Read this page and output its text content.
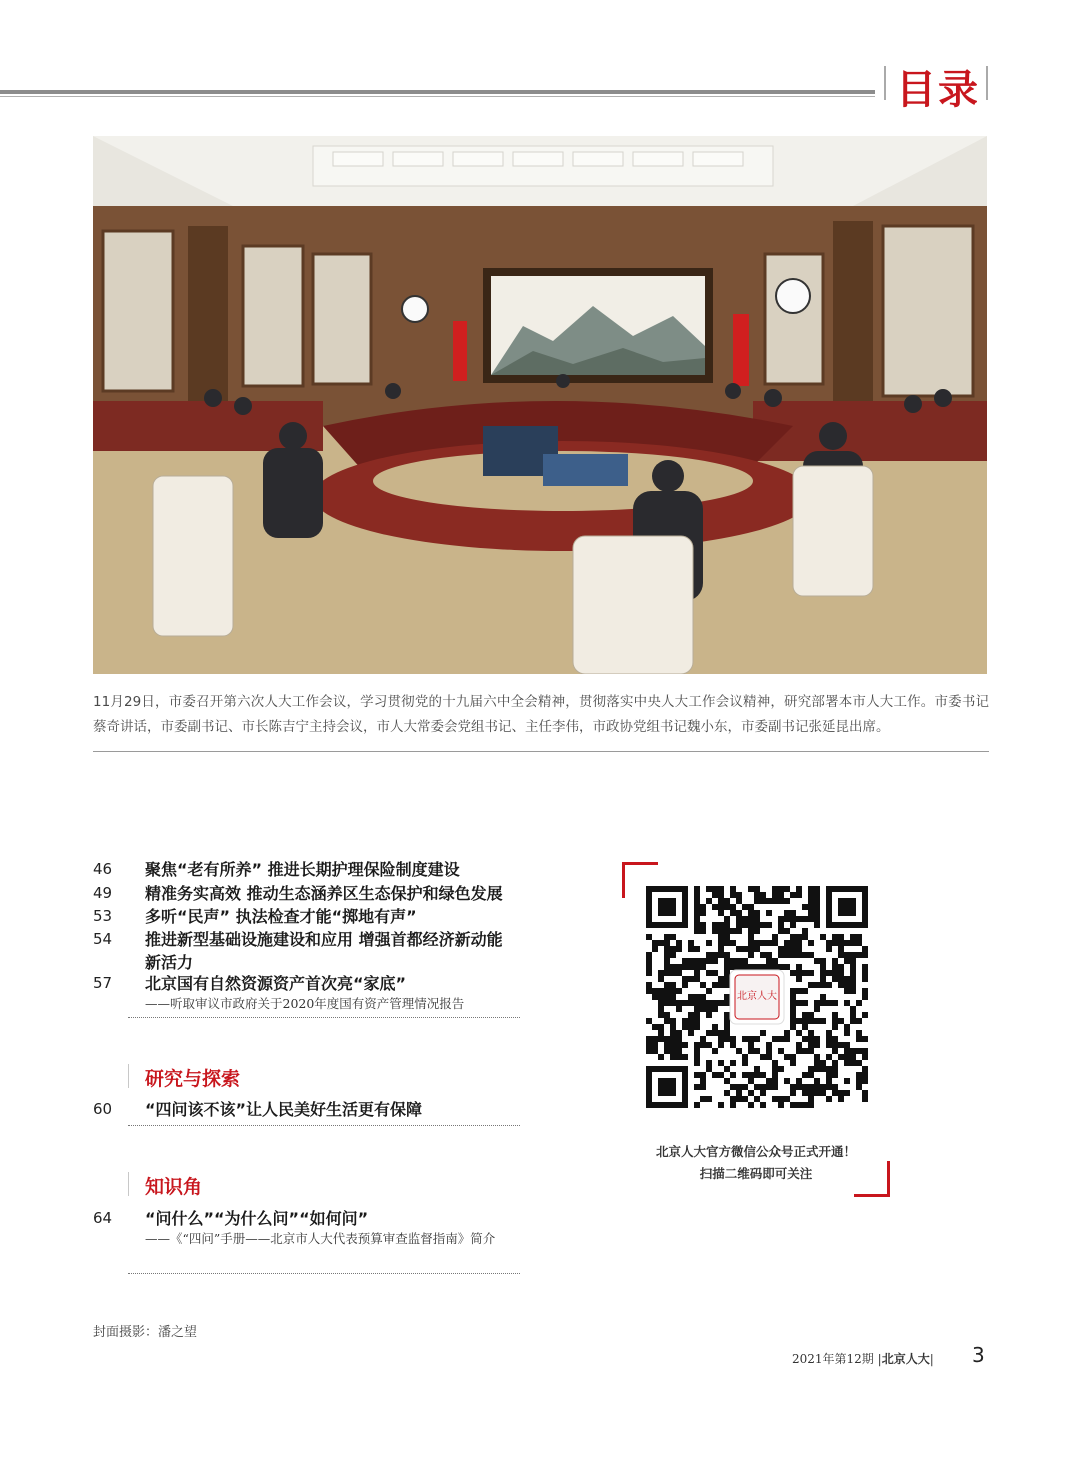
目录
11月29日，市委召开第六次人大工作会议，学习贯彻党的十九届六中全会精神，贯彻落实中央人大工作会议精神，研究部署本市人大工作。市委书记蔡奇讲话，市委副书记、市长陈吉宁主持会议，市人大常委会党组书记、主任李伟，市政协党组书记魏小东，市委副书记张延昆出席。
46	聚焦“老有所养” 推进长期护理保险制度建设
49	精准务实高效 推动生态涵养区生态保护和绿色发展
53	多听“民声” 执法检查才能“掷地有声”
54	推进新型基础设施建设和应用 增强首都经济新动能新活力
57	北京国有自然资源资产首次亮“家底”
——听取审议市政府关于2020年度国有资产管理情况报告
研究与探索
60	“四问该不该”让人民美好生活更有保障
知识角
64	“问什么”“为什么问”“如何问”
——《“四问”手册——北京市人大代表预算审查监督指南》简介
北京人大
北京人大官方微信公众号正式开通！
扫描二维码即可关注
封面摄影：潘之望
2021年第12期 |北京人大| 3
